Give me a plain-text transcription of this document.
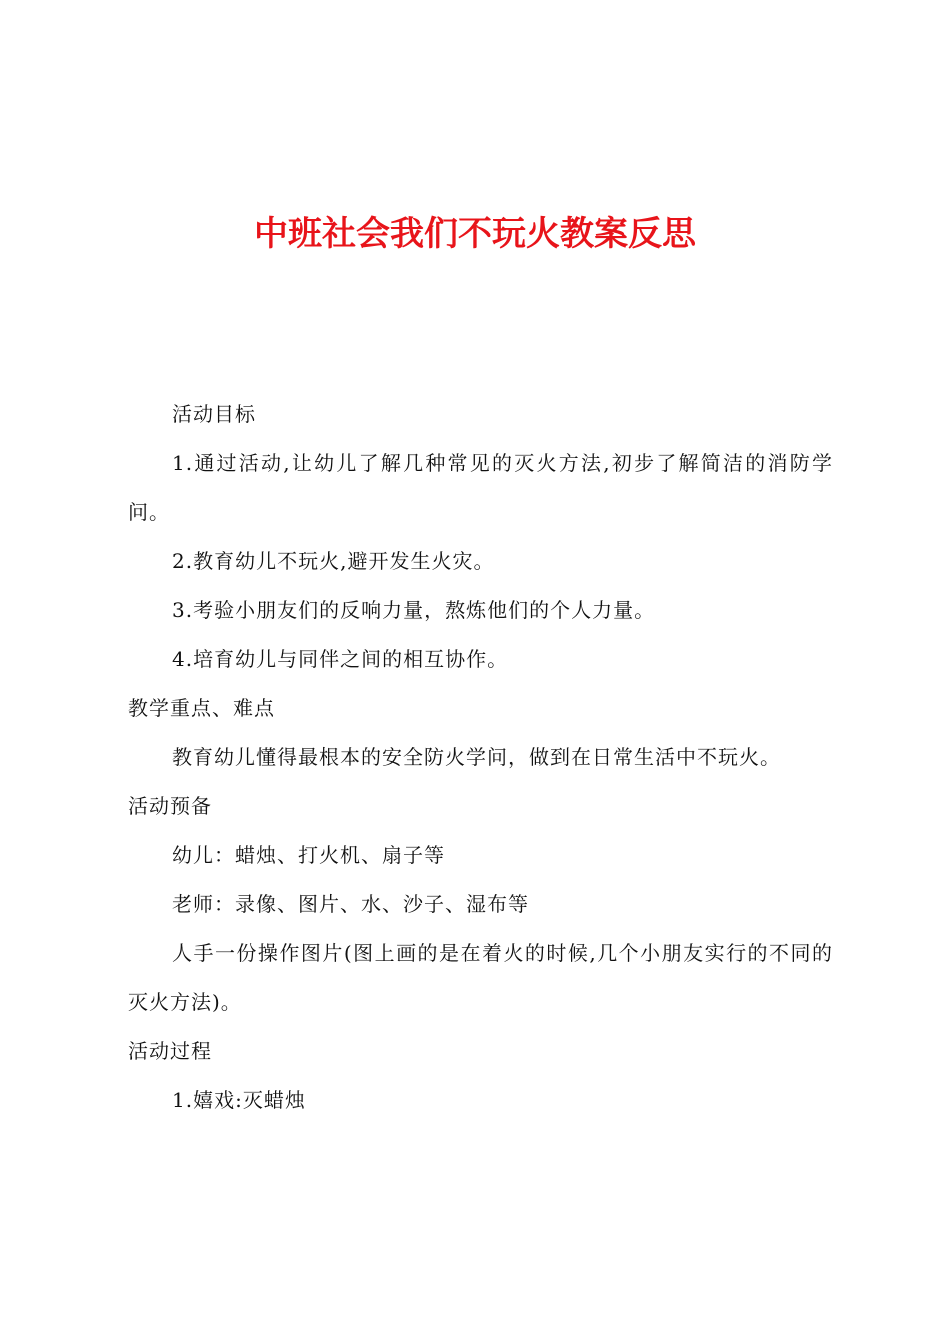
中班社会我们不玩火教案反思

活动目标

1.通过活动,让幼儿了解几种常见的灭火方法,初步了解简洁的消防学问。

2.教育幼儿不玩火,避开发生火灾。

3.考验小朋友们的反响力量，熬炼他们的个人力量。

4.培育幼儿与同伴之间的相互协作。

教学重点、难点

教育幼儿懂得最根本的安全防火学问，做到在日常生活中不玩火。

活动预备

幼儿：蜡烛、打火机、扇子等

老师：录像、图片、水、沙子、湿布等

人手一份操作图片(图上画的是在着火的时候,几个小朋友实行的不同的灭火方法)。

活动过程

1.嬉戏:灭蜡烛
